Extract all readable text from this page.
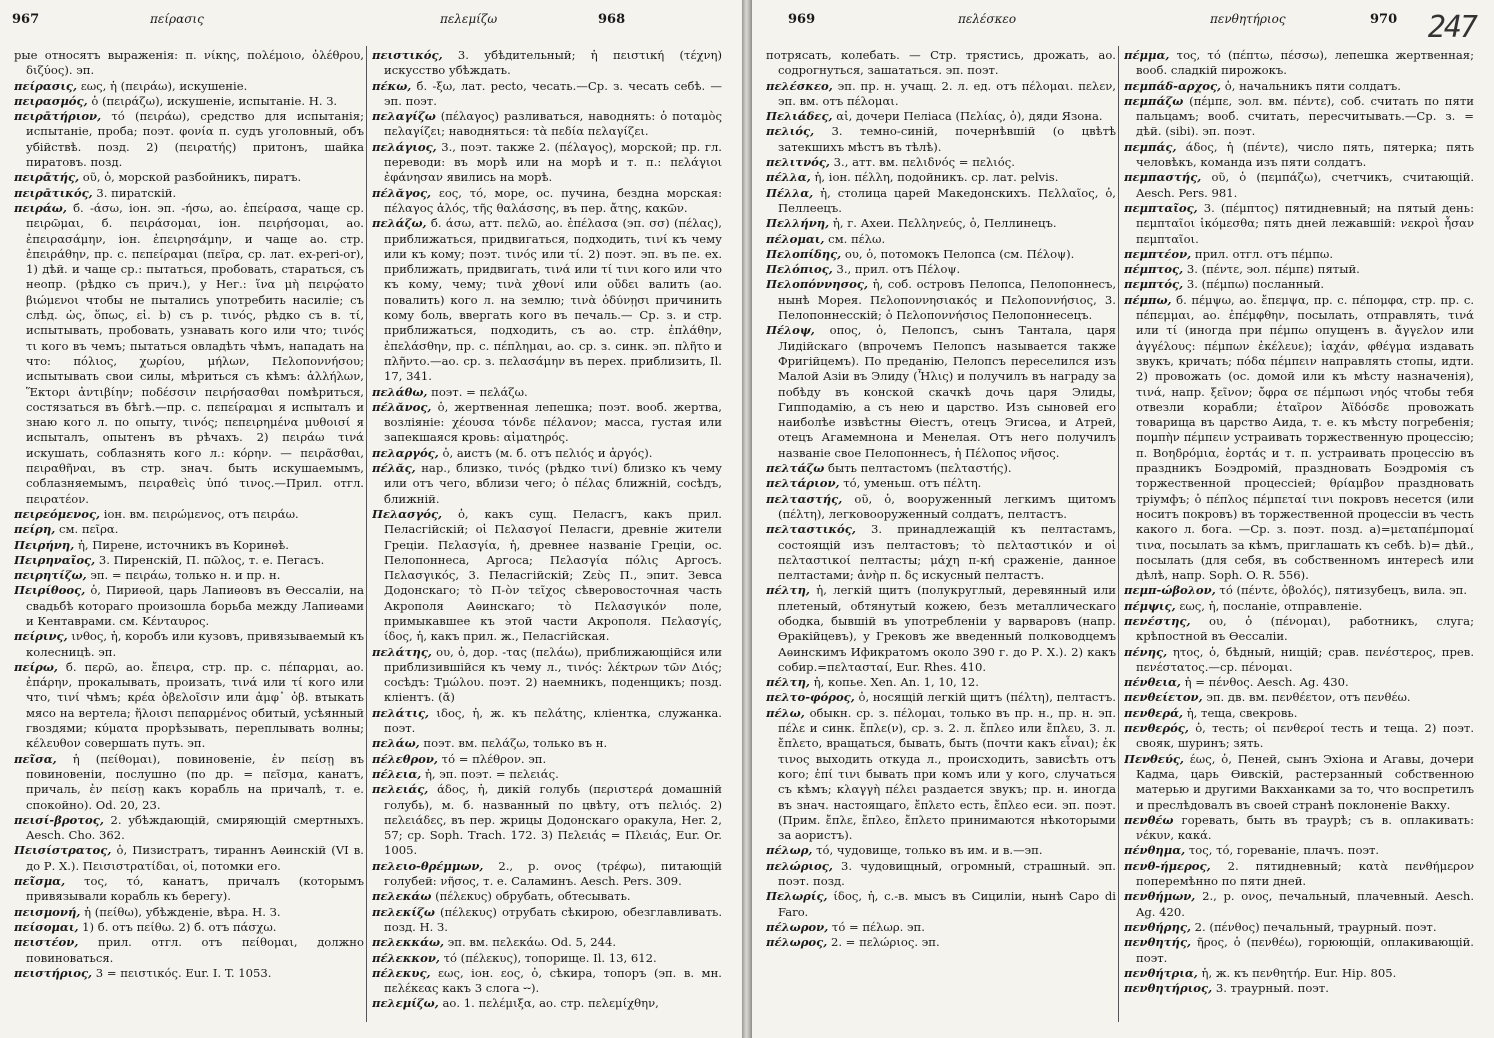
967	πείρασις	πελεμίζω	968

рые относятъ выраженія: π. νίκης, πολέμοιο, ὀλέθρου, διζύος). эп.

πείρασις, εως, ἡ (πειράω), искушеніе.

πειρασμός, ὁ (πειράζω), искушеніе, испытаніе. Н. З.

πειρᾱτήριον, τό (πειράω), средство для испытанія; испытаніе, проба; поэт. φονία π. судъ уголовный, объ убійствѣ. позд. 2) (πειρατής) притонъ, шайка пиратовъ. позд.

πειρᾱτής, οῦ, ὁ, морской разбойникъ, пиратъ.

πειρᾱτικός, 3. пиратскій.

πειράω, б. -άσω, іон. эп. -ήσω, ао. ἐπείρασα, чаще ср. πειρῶμαι, б. πειράσομαι, іон. πειρήσομαι, ао. ἐπειρασάμην, іон. ἐπειρησάμην, и чаще ао. стр. ἐπειράθην, пр. с. πεπείραμαι (πεῖρα, ср. лат. ex-peri-or), 1) дѣй. и чаще ср.: пытаться, пробовать, стараться, съ неопр. (рѣдко съ прич.), у Нег.: ἵνα μὴ πειρῴατο βιώμενοι чтобы не пытались употребить насиліе; съ слѣд. ὡς, ὅπως, εἰ. b) съ р. τινός, рѣдко съ в. τί, испытывать, пробовать, узнавать кого или что; τινός τι кого въ чемъ; пытаться овладѣть чѣмъ, нападать на что: πόλιος, χωρίου, μήλων, Πελοποννήσου; испытывать свои силы, мѣриться съ кѣмъ: ἀλλήλων, Ἕκτορι ἀντιβίην; ποδέσσιν πειρήσασθαι помѣриться, состязаться въ бѣгѣ.—пр. с. πεπείραμαι я испыталъ и знаю кого л. по опыту, τινός; πεπειρημένα μυθοισί я испыталъ, опытенъ въ рѣчахъ. 2) πειράω τινά искушать, соблазнять кого л.: κόρην. — πειρᾶσθαι, πειραθῆναι, въ стр. знач. быть искушаемымъ, соблазняемымъ, πειραθεὶς ὑπό τινος.—Прил. отгл. πειρατέον.

πειρεόμενος, іон. вм. πειρώμενος, отъ πειράω.

πείρη, см. πεῖρα.

Πειρήνη, ἡ, Пирене, источникъ въ Коринѳѣ.

Πειρηναῖος, 3. Пиренскій, Π. πῶλος, т. е. Пегасъ.

πειρητίζω, эп. = πειράω, только н. и пр. н.

Πειρίθοος, ὁ, Пириѳой, царь Лапиѳовъ въ Ѳессаліи, на свадьбѣ котораго произошла борьба между Лапиѳами и Кентаврами. см. Κένταυρος.

πείρινς, ινθος, ἡ, коробъ или кузовъ, привязываемый къ колесницѣ. эп.

πείρω, б. περῶ, ао. ἔπειρα, стр. пр. с. πέπαρμαι, ао. ἐπάρην, прокалывать, произать, τινά или τί кого или что, τινί чѣмъ; κρέα ὀβελοῖσιν или ἀμφ᾽ ὀβ. втыкать мясо на вертела; ἥλοισι πεπαρμένος обитый, усѣянный гвоздями; κύματα прорѣзывать, переплывать волны; κέλευθον совершать путь. эп.

πεῖσα, ἡ (πείθομαι), повиновеніе, ἐν πείσῃ въ повиновеніи, послушно (по др. = πεῖσμα, канатъ, причаль, ἐν πείσῃ какъ корабль на причалѣ, т. е. спокойно). Od. 20, 23.

πεισί-βροτος, 2. убѣждающій, смиряющій смертныхъ. Aesch. Cho. 362.

Πεισίστρατος, ὁ, Пизистратъ, тираннъ Аѳинскій (VI в. до Р. Х.). Πεισιστρατίδαι, οἱ, потомки его.

πεῖσμα, τος, τό, канатъ, причалъ (которымъ привязывали корабль къ берегу).

πεισμονή, ἡ (πείθω), убѣжденіе, вѣра. Н. З.

πείσομαι, 1) б. отъ πείθω. 2) б. отъ πάσχω.

πειστέον, прил. отгл. отъ πείθομαι, должно повиноваться.

πειστήριος, 3 = πειστικός. Eur. I. T. 1053.

πειστικός, 3. убѣдительный; ἡ πειστική (τέχνη) искусство убѣждать.

πέκω, б. -ξω, лат. pecto, чесать.—Ср. з. чесать себѣ. — эп. поэт.

πελαγίζω (πέλαγος) разливаться, наводнять: ὁ ποταμὸς πελαγίζει; наводняться: τὰ πεδία πελαγίζει.

πελάγιος, 3., поэт. также 2. (πέλαγος), морской; пр. гл. переводи: въ морѣ или на морѣ и т. п.: πελάγιοι ἐφάνησαν явились на морѣ.

πέλᾰγος, εος, τό, море, ос. пучина, бездна морская: πέλαγος ἁλός, τῆς θαλάσσης, въ пер. ἄτης, κακῶν.

πελάζω, б. άσω, атт. πελῶ, ао. ἐπέλασα (эп. σσ) (πέλας), приближаться, придвигаться, подходить, τινί къ чему или къ кому; поэт. τινός или τί. 2) поэт. эп. въ пе. ех. приближать, придвигать, τινά или τί τινι кого или что къ кому, чему; τινὰ χθονί или οὔδει валить (ао. повалить) кого л. на землю; τινὰ ὀδύνῃσι причинить кому боль, ввергать кого въ печаль.— Ср. з. и стр. приближаться, подходить, съ ао. стр. ἐπλάθην, ἐπελάσθην, пр. с. πέπλημαι, ао. ср. з. синк. эп. πλῆτο и πλῆντο.—ао. ср. з. πελασάμην въ перех. приблизить, Il. 17, 341.

πελάθω, поэт. = πελάζω.

πέλᾰνος, ὁ, жертвенная лепешка; поэт. вооб. жертва, возліяніе: χέουσα τόνδε πέλανον; масса, густая или запекшаяся кровь: αἱματηρός.

πελαργός, ὁ, аистъ (м. б. отъ πελιός и ἀργός).

πέλᾰς, нар., близко, τινός (рѣдко τινί) близко къ чему или отъ чего, вблизи чего; ὁ πέλας ближній, сосѣдъ, ближній.

Πελασγός, ὁ, какъ сущ. Пеласгъ, какъ прил. Пеласгійскій; οἱ Πελασγοί Пеласги, древніе жители Греціи. Πελασγία, ἡ, древнее названіе Греціи, ос. Пелопоннеса, Аргоса; Πελασγία πόλις Аргосъ. Πελασγικός, 3. Пеласгійскій; Ζεὺς Π., эпит. Зевса Додонскаго; τὸ Π-ὸν τεῖχος сѣверовосточная часть Акрополя Аѳинскаго; τὸ Πελασγικόν поле, примыкавшее къ этой части Акрополя. Πελασγίς, ίδος, ἡ, какъ прил. ж., Пеласгійская.

πελάτης, ου, ὁ, дор. -τας (πελάω), приближающійся или приблизившійся къ чему л., τινός: λέκτρων τῶν Διός; сосѣдъ: Τμώλου. поэт. 2) наемникъ, поденщикъ; позд. кліентъ. (ᾰ)

πελάτις, ιδος, ἡ, ж. къ πελάτης, кліентка, служанка. поэт.

πελάω, поэт. вм. πελάζω, только въ н.

πέλεθρον, τό = πλέθρον. эп.

πέλεια, ἡ, эп. поэт. = πελειάς.

πελειάς, άδος, ἡ, дикій голубь (περιστερά домашній голубь), м. б. названный по цвѣту, отъ πελιός. 2) πελειάδες, въ пер. жрицы Додонскаго оракула, Her. 2, 57; ср. Soph. Trach. 172. 3) Πελειάς = Πλειάς, Eur. Or. 1005.

πελειο-θρέμμων, 2., р. ονος (τρέφω), питающій голубей: νῆσος, т. е. Саламинъ. Aesch. Pers. 309.

πελεκάω (πέλεκυς) обрубать, обтесывать.

πελεκίζω (πέλεκυς) отрубать сѣкирою, обезглавливать. позд. Н. З.

πελεκκάω, эп. вм. πελεκάω. Od. 5, 244.

πέλεκκον, τό (πέλεκυς), топорище. Il. 13, 612.

πέλεκυς, εως, іон. εος, ὁ, сѣкира, топоръ (эп. в. мн. πελέκεας какъ 3 слога ⏑⏑).

πελεμίζω, ао. 1. πελέμιξα, ао. стр. πελεμίχθην,

969	πελέσκεο	πενθητήριος	970 247

потрясать, колебать. — Стр. трястись, дрожать, ао. содрогнуться, зашататься. эп. поэт.

πελέσκεο, эп. пр. н. учащ. 2. л. ед. отъ πέλομαι. πελεν, эп. вм. отъ πέλομαι.

Πελιάδες, αἱ, дочери Пеліаса (Πελίας, ὁ), дяди Язона.

πελιός, 3. темно-синій, почернѣвшій (о цвѣтѣ затекшихъ мѣстъ въ тѣлѣ).

πελιτνός, 3., атт. вм. πελιδνός = πελιός.

πέλλα, ἡ, іон. πέλλη, подойникъ. ср. лат. pelvis.

Πέλλα, ἡ, столица царей Македонскихъ. Πελλαῖος, ὁ, Пеллеецъ.

Πελλήνη, ἡ, г. Ахеи. Πελληνεύς, ὁ, Пеллинецъ.

πέλομαι, см. πέλω.

Πελοπίδης, ου, ὁ, потомокъ Пелопса (см. Πέλοψ).

Πελόπιος, 3., прил. отъ Πέλοψ.

Πελοπόννησος, ἡ, соб. островъ Пелопса, Пелопоннесъ, нынѣ Морея. Πελοποννησιακός и Πελοποννήσιος, 3. Пелопоннесскій; ὁ Πελοποννήσιος Пелопоннесецъ.

Πέλοψ, οπος, ὁ, Пелопсъ, сынъ Тантала, царя Лидійскаго (впрочемъ Пелопсъ называется также Фригійцемъ). По преданію, Пелопсъ переселился изъ Малой Азіи въ Элиду (Ἦλις) и получилъ въ награду за побѣду въ конской скачкѣ дочь царя Элиды, Гипподамію, а съ нею и царство. Изъ сыновей его наиболѣе извѣстны Ѳіестъ, отецъ Эгисѳа, и Атрей, отецъ Агамемнона и Менелая. Отъ него получилъ названіе свое Пелопоннесъ, ἡ Πέλοπος νῆσος.

πελτάζω быть пелтастомъ (πελταστής).

πελτάριον, τό, уменьш. отъ πέλτη.

πελταστής, οῦ, ὁ, вооруженный легкимъ щитомъ (πέλτη), легковооруженный солдатъ, пелтастъ.

πελταστικός, 3. принадлежащій къ пелтастамъ, состоящій изъ пелтастовъ; τὸ πελταστικόν и οἱ πελταστικοί пелтасты; μάχη π-κή сраженіе, данное пелтастами; ἀνὴρ π. δς искусный пелтастъ.

πέλτη, ἡ, легкій щитъ (полукруглый, деревянный или плетеный, обтянутый кожею, безъ металлическаго ободка, бывшій въ употребленіи у варваровъ (напр. Ѳракійцевъ), у Грековъ же введенный полководцемъ Аѳинскимъ Ификратомъ около 390 г. до Р. Х.). 2) какъ собир.=πελτασταί, Eur. Rhes. 410.

πέλτη, ἡ, копье. Xen. An. 1, 10, 12.

πελτο-φόρος, ὁ, носящій легкій щитъ (πέλτη), пелтастъ.

πέλω, обыкн. ср. з. πέλομαι, только въ пр. н., пр. н. эп. πέλε и синк. ἔπλε(ν), ср. з. 2. л. ἔπλεο или ἔπλευ, 3. л. ἔπλετο, вращаться, бывать, быть (почти какъ εἶναι); ἐκ τινος выходить откуда л., происходить, зависѣть отъ кого; ἐπί τινι бывать при комъ или у кого, случаться съ кѣмъ; κλαγγὴ πέλει раздается звукъ; пр. н. иногда въ знач. настоящаго, ἔπλετο есть, ἔπλεο еси. эп. поэт. (Прим. ἔπλε, ἔπλεο, ἔπλετο принимаются нѣкоторыми за аористъ).

πέλωρ, τό, чудовище, только въ им. и в.—эп.

πελώριος, 3. чудовищный, огромный, страшный. эп. поэт. позд.

Πελωρίς, ίδος, ἡ, с.-в. мысъ въ Сициліи, нынѣ Capo di Faro.

πέλωρον, τό = πέλωρ. эп.

πέλωρος, 2. = πελώριος. эп.

πέμμα, τος, τό (πέπτω, πέσσω), лепешка жертвенная; вооб. сладкій пирожокъ.

πεμπάδ-αρχος, ὁ, начальникъ пяти солдатъ.

πεμπάζω (πέμπε, эол. вм. πέντε), соб. считать по пяти пальцамъ; вооб. считать, пересчитывать.—Ср. з. = дѣй. (sibi). эп. поэт.

πεμπάς, άδος, ἡ (πέντε), число пять, пятерка; пять человѣкъ, команда изъ пяти солдатъ.

πεμπαστής, οῦ, ὁ (πεμπάζω), счетчикъ, считающій. Aesch. Pers. 981.

πεμπταῖος, 3. (πέμπτος) пятидневный; на пятый день: πεμπταῖοι ἱκόμεσθα; пять дней лежавшій: νεκροὶ ἦσαν πεμπταῖοι.

πεμπτέον, прил. отгл. отъ πέμπω.

πέμπτος, 3. (πέντε, эол. πέμπε) пятый.

πεμπτός, 3. (πέμπω) посланный.

πέμπω, б. πέμψω, ао. ἔπεμψα, пр. с. πέπομφα, стр. пр. с. πέπεμμαι, ао. ἐπέμφθην, посылать, отправлять, τινά или τί (иногда при πέμπω опущенъ в. ἄγγελον или ἀγγέλους: πέμπων ἐκέλευε); ἰαχάν, φθέγμα издавать звукъ, кричать; πόδα πέμπειν направлять стопы, идти. 2) провожать (ос. домой или къ мѣсту назначенія), τινά, напр. ξεῖνον; ὄφρα σε πέμπωσι νηός чтобы тебя отвезли корабли; ἑταῖρον Ἀϊδόσδε провожать товарища въ царство Аида, т. е. къ мѣсту погребенія; πομπὴν πέμπειν устраивать торжественную процессію; π. Βοηδρόμια, ἑορτάς и т. п. устраивать процессію въ праздникъ Боэдромій, праздновать Боэдромія съ торжественной процессіей; θρίαμβον праздновать тріумфъ; ὁ πέπλος πέμπεταί τινι покровъ несется (или носитъ покровъ) въ торжественной процессіи въ честь какого л. бога. —Ср. з. поэт. позд. a)=μεταπέμπομαί τινα, посылать за кѣмъ, приглашать къ себѣ. b)= дѣй., посылать (для себя, въ собственномъ интересѣ или дѣлѣ, напр. Soph. O. R. 556).

πεμπ-ώβολον, τό (πέντε, ὀβολός), пятизубецъ, вила. эп.

πέμψις, εως, ἡ, посланіе, отправленіе.

πενέστης, ου, ὁ (πένομαι), работникъ, слуга; крѣпостной въ Ѳессаліи.

πένης, ητος, ὁ, бѣдный, нищій; срав. πενέστερος, прев. πενέστατος.—ср. πένομαι.

πένθεια, ἡ = πένθος. Aesch. Ag. 430.

πενθείετον, эп. дв. вм. πενθέετον, отъ πενθέω.

πενθερά, ἡ, теща, свекровь.

πενθερός, ὁ, тесть; οἱ πενθεροί тесть и теща. 2) поэт. свояк, шуринъ; зять.

Πενθεύς, έως, ὁ, Пеней, сынъ Эхіона и Агавы, дочери Кадма, царь Ѳивскій, растерзанный собственною матерью и другими Вакханками за то, что воспретилъ и преслѣдовалъ въ своей странѣ поклоненіе Вакху.

πενθέω горевать, быть въ траурѣ; съ в. оплакивать: νέκυν, κακά.

πένθημα, τος, τό, гореваніе, плачъ. поэт.

πενθ-ήμερος, 2. пятидневный; κατὰ πενθήμερον поперемѣнно по пяти дней.

πενθήμων, 2., р. ονος, печальный, плачевный. Aesch. Ag. 420.

πενθήρης, 2. (πένθος) печальный, траурный. поэт.

πενθητής, ῆρος, ὁ (πενθέω), горюющій, оплакивающій. поэт.

πενθήτρια, ἡ, ж. къ πενθητήρ. Eur. Hip. 805.

πενθητήριος, 3. траурный. поэт.
